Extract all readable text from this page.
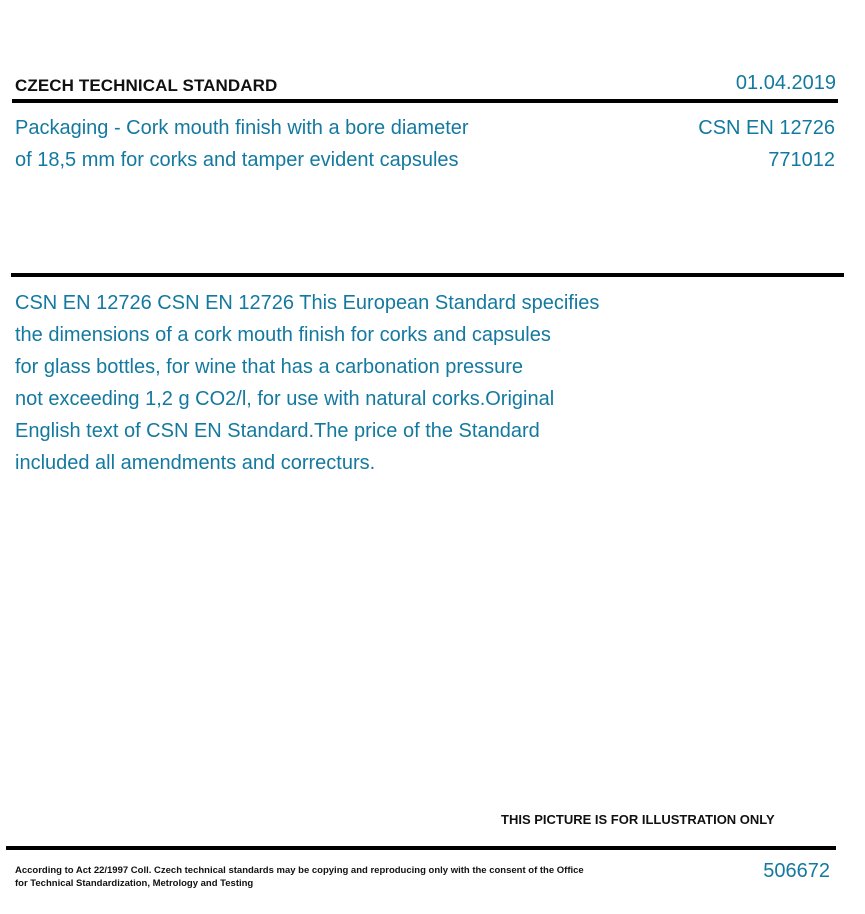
CZECH TECHNICAL STANDARD	01.04.2019
Packaging - Cork mouth finish with a bore diameter
of 18,5 mm for corks and tamper evident capsules
CSN EN 12726
771012
CSN EN 12726 CSN EN 12726 This European Standard specifies
the dimensions of a cork mouth finish for corks and capsules
for glass bottles, for wine that has a carbonation pressure
not exceeding 1,2 g CO2/l, for use with natural corks.Original
English text of CSN EN Standard.The price of the Standard
included all amendments and correcturs.
THIS PICTURE IS FOR ILLUSTRATION ONLY
According to Act 22/1997 Coll. Czech technical standards may be copying and reproducing only with the consent of the Office
for Technical Standardization, Metrology and Testing
506672
